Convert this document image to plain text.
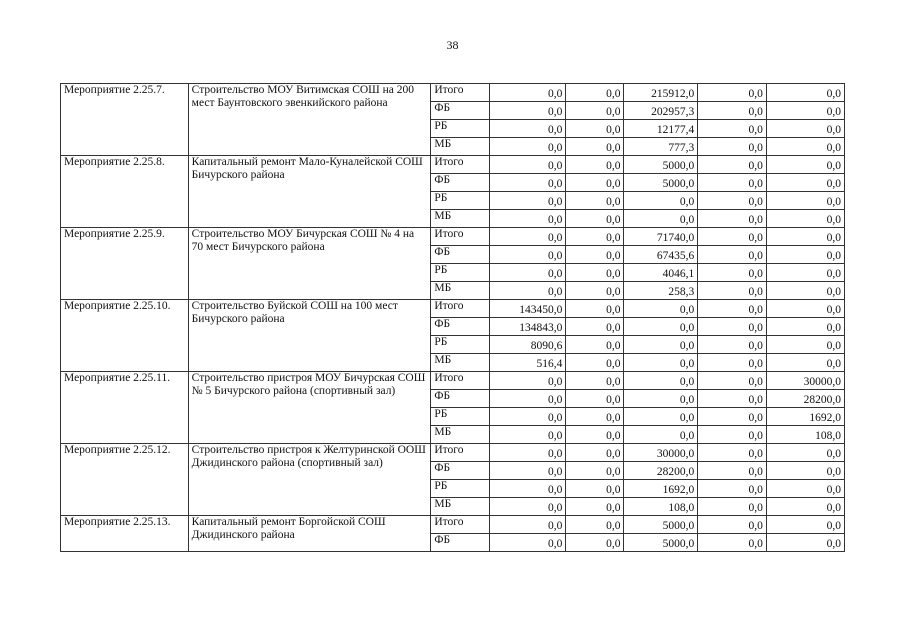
38
Мероприятие 2.25.7.	Строительство МОУ Витимская СОШ на 200 мест Баунтовского эвенкийского района	Итого	0,0	0,0	215912,0	0,0	0,0
		ФБ	0,0	0,0	202957,3	0,0	0,0
		РБ	0,0	0,0	12177,4	0,0	0,0
		МБ	0,0	0,0	777,3	0,0	0,0
Мероприятие 2.25.8.	Капитальный ремонт Мало-Куналейской СОШ Бичурского района	Итого	0,0	0,0	5000,0	0,0	0,0
		ФБ	0,0	0,0	5000,0	0,0	0,0
		РБ	0,0	0,0	0,0	0,0	0,0
		МБ	0,0	0,0	0,0	0,0	0,0
Мероприятие 2.25.9.	Строительство МОУ Бичурская СОШ № 4 на 70 мест Бичурского района	Итого	0,0	0,0	71740,0	0,0	0,0
		ФБ	0,0	0,0	67435,6	0,0	0,0
		РБ	0,0	0,0	4046,1	0,0	0,0
		МБ	0,0	0,0	258,3	0,0	0,0
Мероприятие 2.25.10.	Строительство Буйской СОШ на 100 мест Бичурского района	Итого	143450,0	0,0	0,0	0,0	0,0
		ФБ	134843,0	0,0	0,0	0,0	0,0
		РБ	8090,6	0,0	0,0	0,0	0,0
		МБ	516,4	0,0	0,0	0,0	0,0
Мероприятие 2.25.11.	Строительство пристроя МОУ Бичурская СОШ № 5 Бичурского района (спортивный зал)	Итого	0,0	0,0	0,0	0,0	30000,0
		ФБ	0,0	0,0	0,0	0,0	28200,0
		РБ	0,0	0,0	0,0	0,0	1692,0
		МБ	0,0	0,0	0,0	0,0	108,0
Мероприятие 2.25.12.	Строительство пристроя к Желтуринской ООШ Джидинского района (спортивный зал)	Итого	0,0	0,0	30000,0	0,0	0,0
		ФБ	0,0	0,0	28200,0	0,0	0,0
		РБ	0,0	0,0	1692,0	0,0	0,0
		МБ	0,0	0,0	108,0	0,0	0,0
Мероприятие 2.25.13.	Капитальный ремонт Боргойской СОШ Джидинского района	Итого	0,0	0,0	5000,0	0,0	0,0
		ФБ	0,0	0,0	5000,0	0,0	0,0
